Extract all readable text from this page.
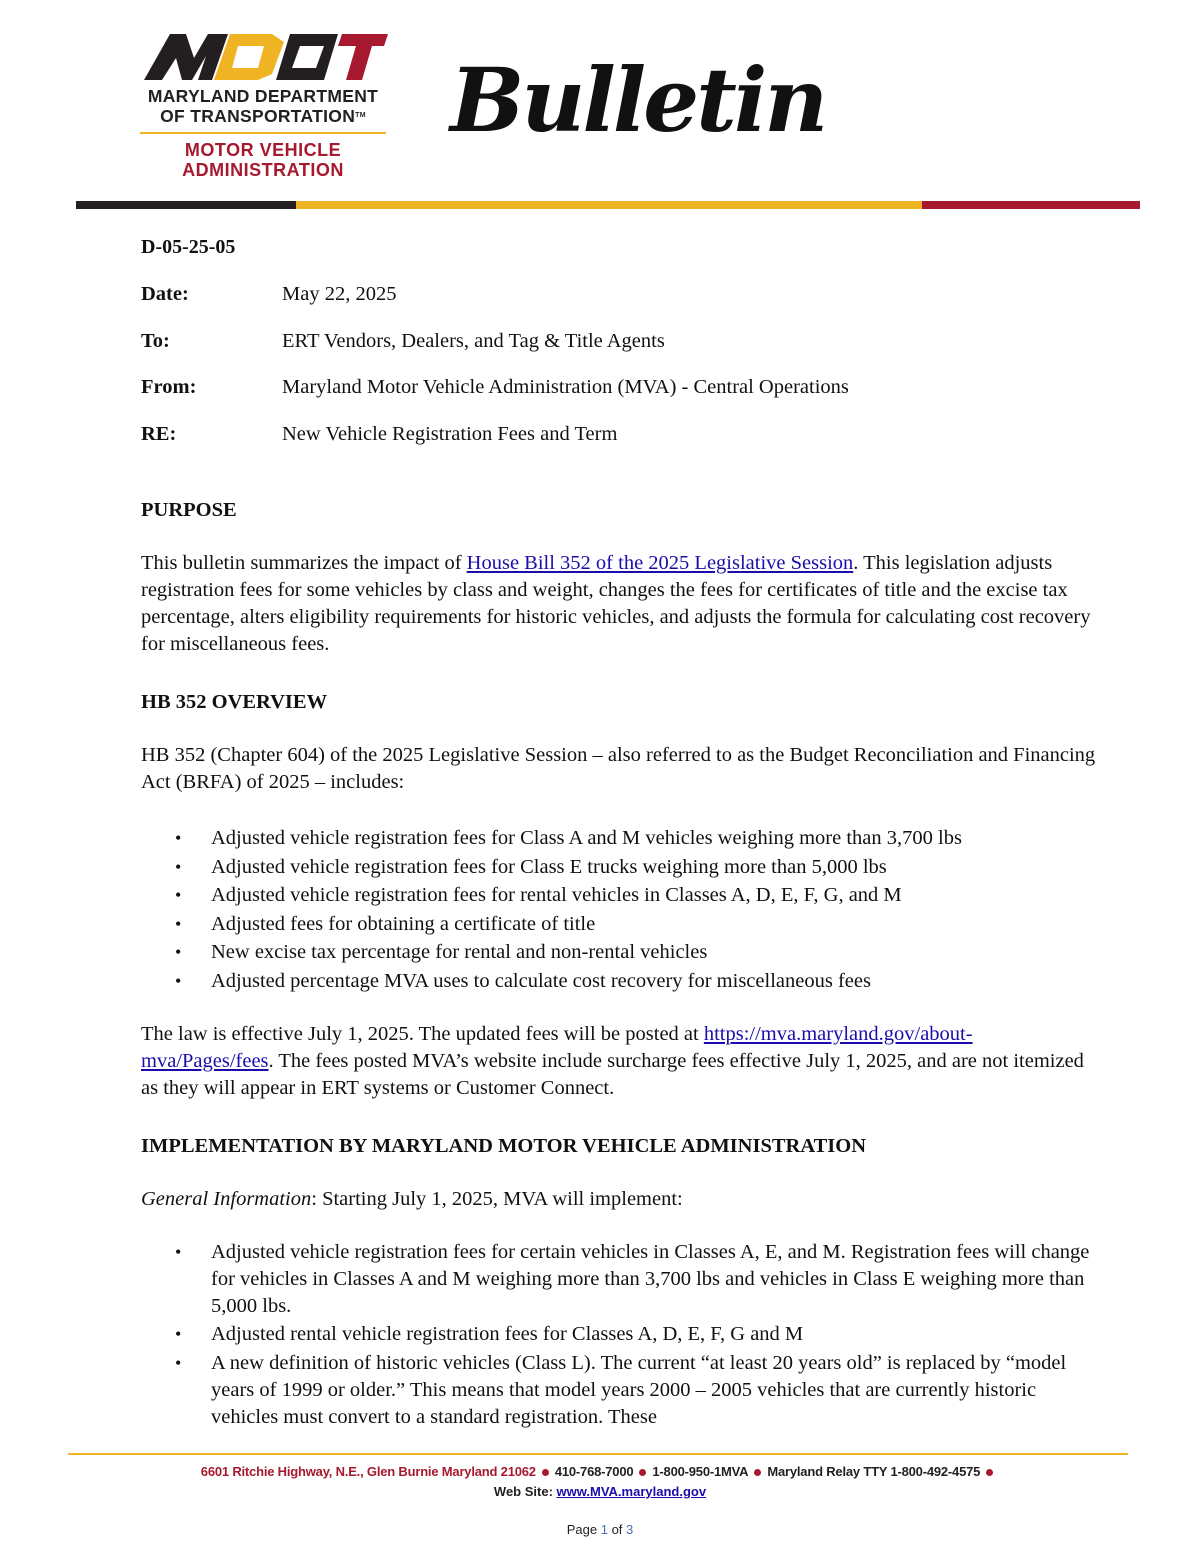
MARYLAND DEPARTMENT
OF TRANSPORTATION™
MOTOR VEHICLE
ADMINISTRATION
Bulletin
D-05-25-05
Date:	May 22, 2025
To:	ERT Vendors, Dealers, and Tag & Title Agents
From:	Maryland Motor Vehicle Administration (MVA) - Central Operations
RE:	New Vehicle Registration Fees and Term
PURPOSE

This bulletin summarizes the impact of House Bill 352 of the 2025 Legislative Session. This legislation adjusts registration fees for some vehicles by class and weight, changes the fees for certificates of title and the excise tax percentage, alters eligibility requirements for historic vehicles, and adjusts the formula for calculating cost recovery for miscellaneous fees.

HB 352 OVERVIEW

HB 352 (Chapter 604) of the 2025 Legislative Session – also referred to as the Budget Reconciliation and Financing Act (BRFA) of 2025 – includes:

• Adjusted vehicle registration fees for Class A and M vehicles weighing more than 3,700 lbs
• Adjusted vehicle registration fees for Class E trucks weighing more than 5,000 lbs
• Adjusted vehicle registration fees for rental vehicles in Classes A, D, E, F, G, and M
• Adjusted fees for obtaining a certificate of title
• New excise tax percentage for rental and non-rental vehicles
• Adjusted percentage MVA uses to calculate cost recovery for miscellaneous fees

The law is effective July 1, 2025. The updated fees will be posted at https://mva.maryland.gov/about-mva/Pages/fees. The fees posted MVA’s website include surcharge fees effective July 1, 2025, and are not itemized as they will appear in ERT systems or Customer Connect.

IMPLEMENTATION BY MARYLAND MOTOR VEHICLE ADMINISTRATION

General Information: Starting July 1, 2025, MVA will implement:

• Adjusted vehicle registration fees for certain vehicles in Classes A, E, and M. Registration fees will change for vehicles in Classes A and M weighing more than 3,700 lbs and vehicles in Class E weighing more than 5,000 lbs.
• Adjusted rental vehicle registration fees for Classes A, D, E, F, G and M
• A new definition of historic vehicles (Class L). The current “at least 20 years old” is replaced by “model years of 1999 or older.” This means that model years 2000 – 2005 vehicles that are currently historic vehicles must convert to a standard registration. These
6601 Ritchie Highway, N.E., Glen Burnie Maryland 21062 410-768-7000 1-800-950-1MVA Maryland Relay TTY 1-800-492-4575
Web Site: www.MVA.maryland.gov
Page 1 of 3
